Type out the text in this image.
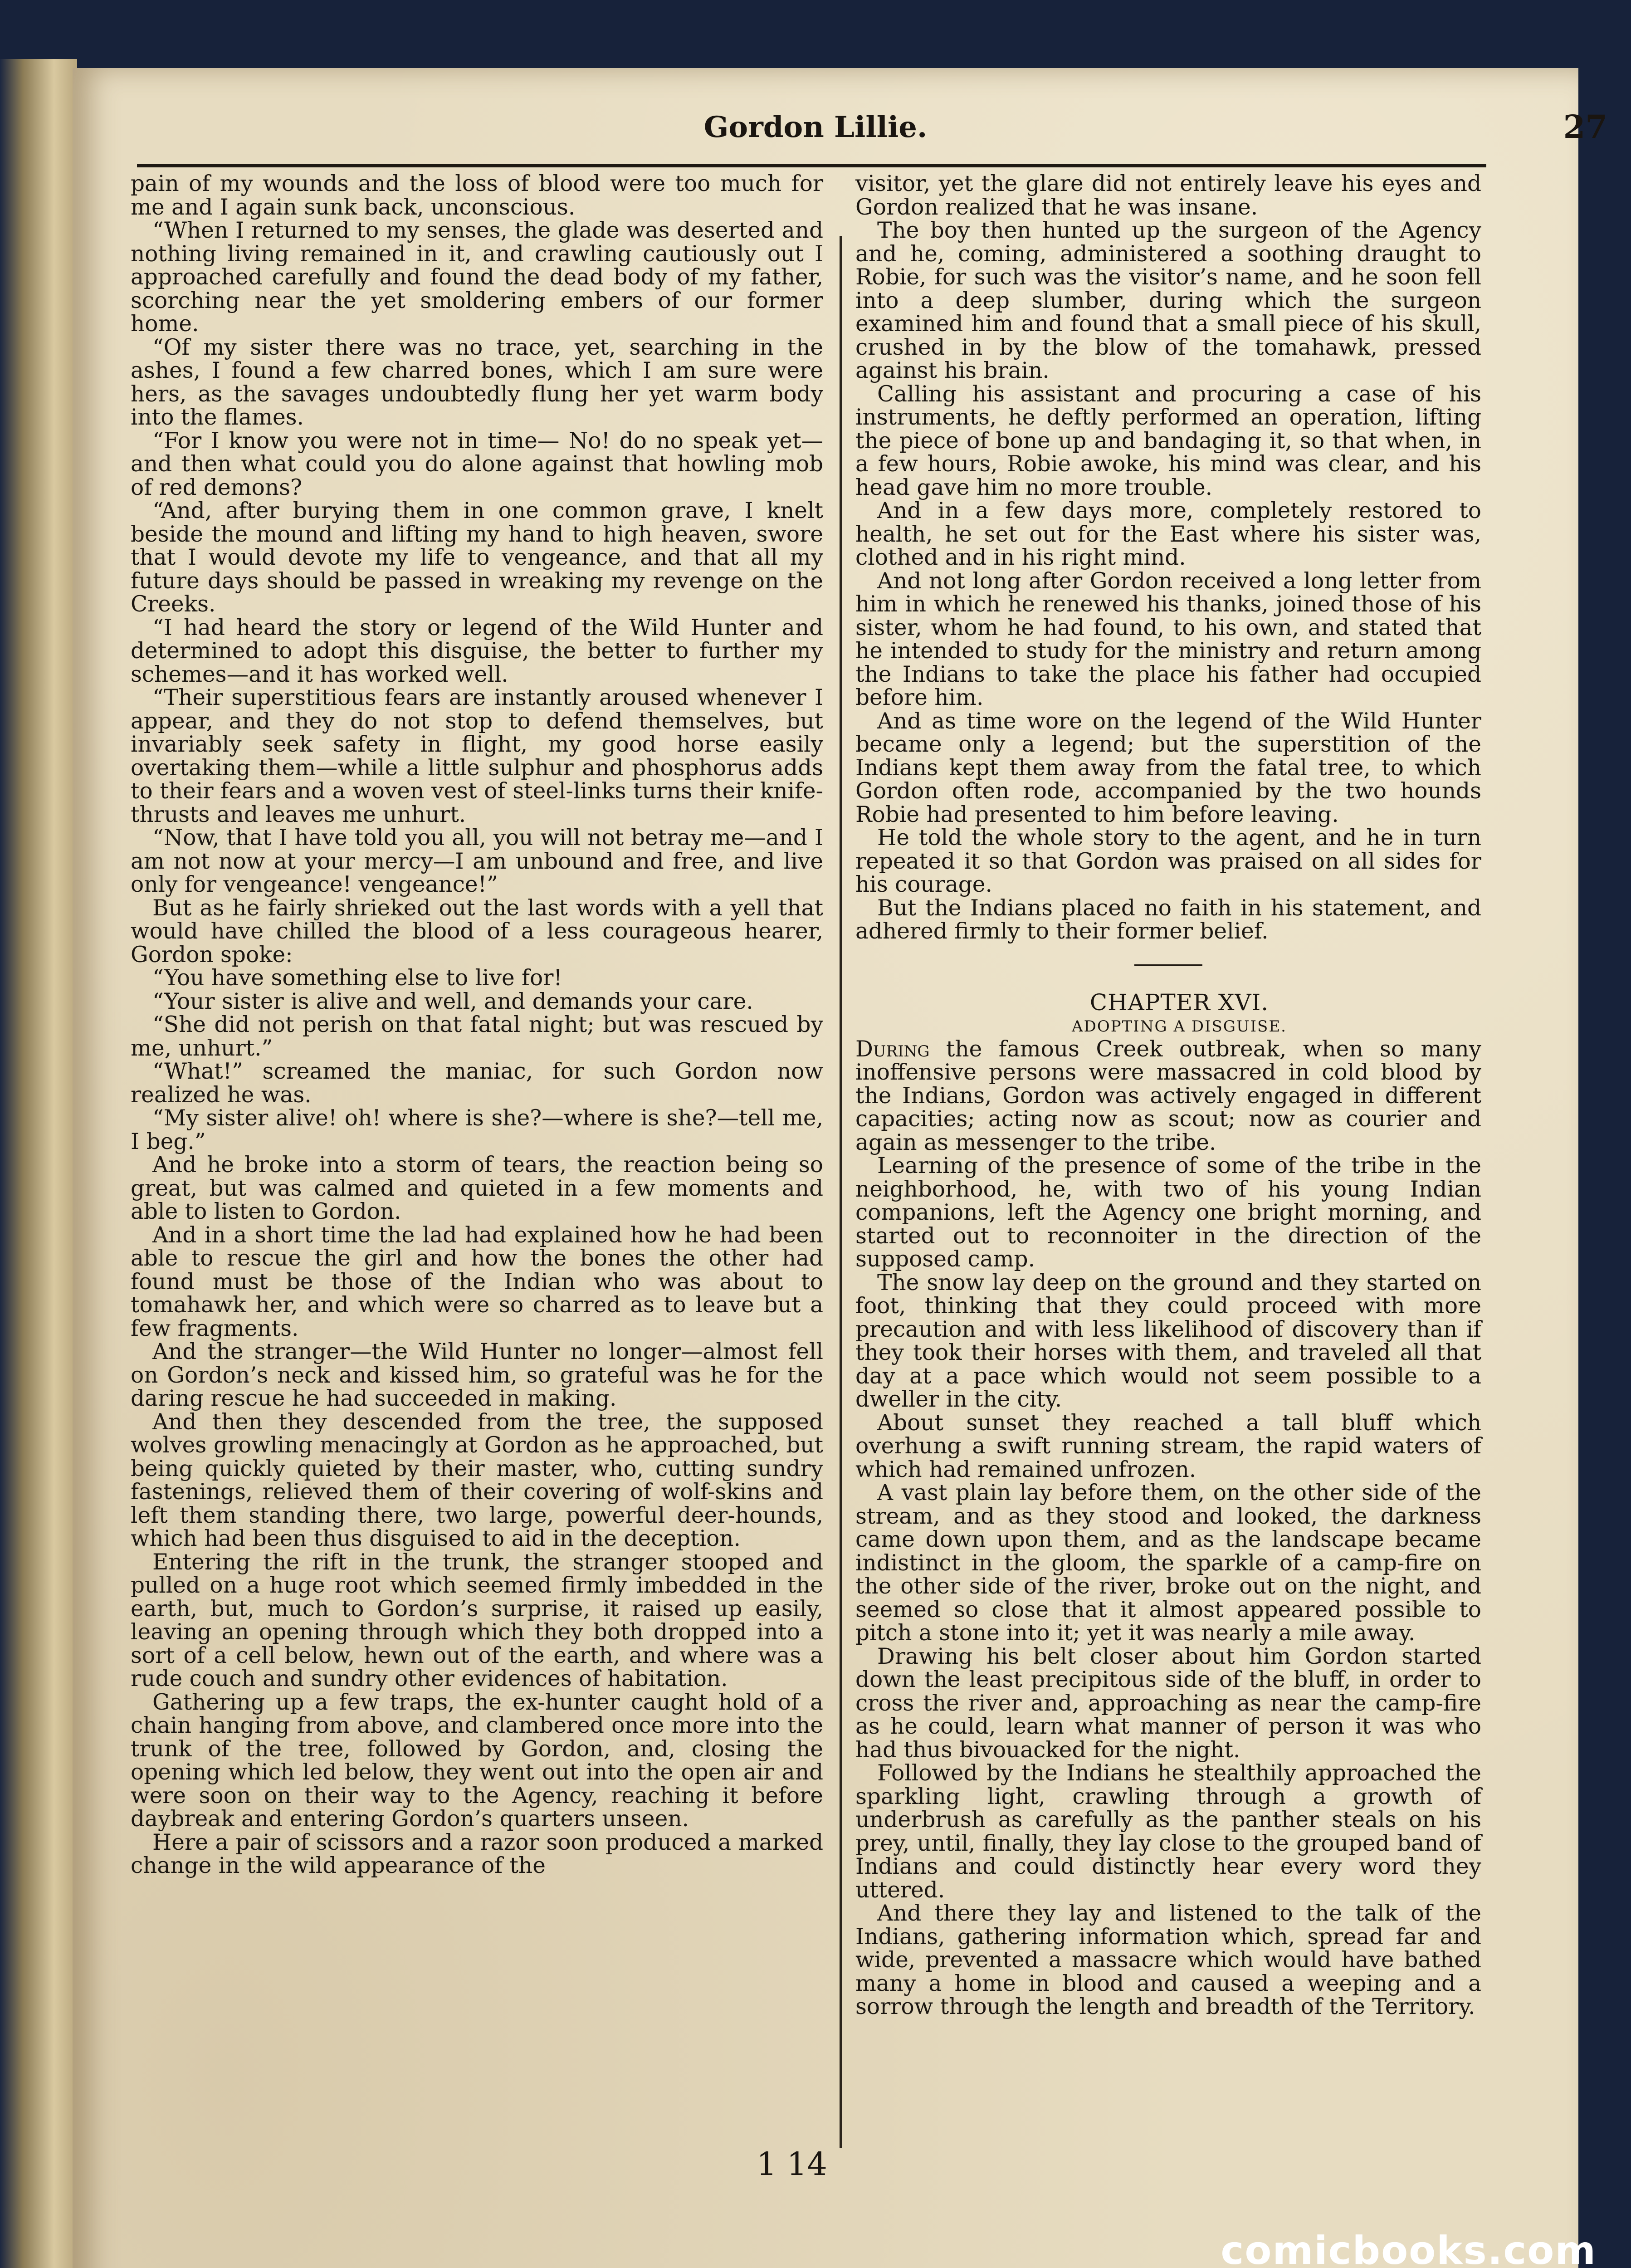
Gordon Lillie.	27

pain of my wounds and the loss of blood were too much for me and I again sunk back, unconscious.

“When I returned to my senses, the glade was deserted and nothing living remained in it, and crawling cautiously out I approached carefully and found the dead body of my father, scorching near the yet smoldering embers of our former home.

“Of my sister there was no trace, yet, searching in the ashes, I found a few charred bones, which I am sure were hers, as the savages undoubtedly flung her yet warm body into the flames.

“For I know you were not in time— No! do no speak yet—and then what could you do alone against that howling mob of red demons?

“And, after burying them in one common grave, I knelt beside the mound and lifting my hand to high heaven, swore that I would devote my life to vengeance, and that all my future days should be passed in wreaking my revenge on the Creeks.

“I had heard the story or legend of the Wild Hunter and determined to adopt this disguise, the better to further my schemes—and it has worked well.

“Their superstitious fears are instantly aroused whenever I appear, and they do not stop to defend themselves, but invariably seek safety in flight, my good horse easily overtaking them—while a little sulphur and phosphorus adds to their fears and a woven vest of steel-links turns their knife-thrusts and leaves me unhurt.

“Now, that I have told you all, you will not betray me—and I am not now at your mercy—I am unbound and free, and live only for vengeance! vengeance!”

But as he fairly shrieked out the last words with a yell that would have chilled the blood of a less courageous hearer, Gordon spoke:

“You have something else to live for!

“Your sister is alive and well, and demands your care.

“She did not perish on that fatal night; but was rescued by me, unhurt.”

“What!” screamed the maniac, for such Gordon now realized he was.

“My sister alive! oh! where is she?—where is she?—tell me, I beg.”

And he broke into a storm of tears, the reaction being so great, but was calmed and quieted in a few moments and able to listen to Gordon.

And in a short time the lad had explained how he had been able to rescue the girl and how the bones the other had found must be those of the Indian who was about to tomahawk her, and which were so charred as to leave but a few fragments.

And the stranger—the Wild Hunter no longer—almost fell on Gordon’s neck and kissed him, so grateful was he for the daring rescue he had succeeded in making.

And then they descended from the tree, the supposed wolves growling menacingly at Gordon as he approached, but being quickly quieted by their master, who, cutting sundry fastenings, relieved them of their covering of wolf-skins and left them standing there, two large, powerful deer-hounds, which had been thus disguised to aid in the deception.

Entering the rift in the trunk, the stranger stooped and pulled on a huge root which seemed firmly imbedded in the earth, but, much to Gordon’s surprise, it raised up easily, leaving an opening through which they both dropped into a sort of a cell below, hewn out of the earth, and where was a rude couch and sundry other evidences of habitation.

Gathering up a few traps, the ex-hunter caught hold of a chain hanging from above, and clambered once more into the trunk of the tree, followed by Gordon, and, closing the opening which led below, they went out into the open air and were soon on their way to the Agency, reaching it before daybreak and entering Gordon’s quarters unseen.

Here a pair of scissors and a razor soon produced a marked change in the wild appearance of the

visitor, yet the glare did not entirely leave his eyes and Gordon realized that he was insane.

The boy then hunted up the surgeon of the Agency and he, coming, administered a soothing draught to Robie, for such was the visitor’s name, and he soon fell into a deep slumber, during which the surgeon examined him and found that a small piece of his skull, crushed in by the blow of the tomahawk, pressed against his brain.

Calling his assistant and procuring a case of his instruments, he deftly performed an operation, lifting the piece of bone up and bandaging it, so that when, in a few hours, Robie awoke, his mind was clear, and his head gave him no more trouble.

And in a few days more, completely restored to health, he set out for the East where his sister was, clothed and in his right mind.

And not long after Gordon received a long letter from him in which he renewed his thanks, joined those of his sister, whom he had found, to his own, and stated that he intended to study for the ministry and return among the Indians to take the place his father had occupied before him.

And as time wore on the legend of the Wild Hunter became only a legend; but the superstition of the Indians kept them away from the fatal tree, to which Gordon often rode, accompanied by the two hounds Robie had presented to him before leaving.

He told the whole story to the agent, and he in turn repeated it so that Gordon was praised on all sides for his courage.

But the Indians placed no faith in his statement, and adhered firmly to their former belief.

CHAPTER XVI.

ADOPTING A DISGUISE.

During the famous Creek outbreak, when so many inoffensive persons were massacred in cold blood by the Indians, Gordon was actively engaged in different capacities; acting now as scout; now as courier and again as messenger to the tribe.

Learning of the presence of some of the tribe in the neighborhood, he, with two of his young Indian companions, left the Agency one bright morning, and started out to reconnoiter in the direction of the supposed camp.

The snow lay deep on the ground and they started on foot, thinking that they could proceed with more precaution and with less likelihood of discovery than if they took their horses with them, and traveled all that day at a pace which would not seem possible to a dweller in the city.

About sunset they reached a tall bluff which overhung a swift running stream, the rapid waters of which had remained unfrozen.

A vast plain lay before them, on the other side of the stream, and as they stood and looked, the darkness came down upon them, and as the landscape became indistinct in the gloom, the sparkle of a camp-fire on the other side of the river, broke out on the night, and seemed so close that it almost appeared possible to pitch a stone into it; yet it was nearly a mile away.

Drawing his belt closer about him Gordon started down the least precipitous side of the bluff, in order to cross the river and, approaching as near the camp-fire as he could, learn what manner of person it was who had thus bivouacked for the night.

Followed by the Indians he stealthily approached the sparkling light, crawling through a growth of underbrush as carefully as the panther steals on his prey, until, finally, they lay close to the grouped band of Indians and could distinctly hear every word they uttered.

And there they lay and listened to the talk of the Indians, gathering information which, spread far and wide, prevented a massacre which would have bathed many a home in blood and caused a weeping and a sorrow through the length and breadth of the Territory.

1 14
comicbooks.com
